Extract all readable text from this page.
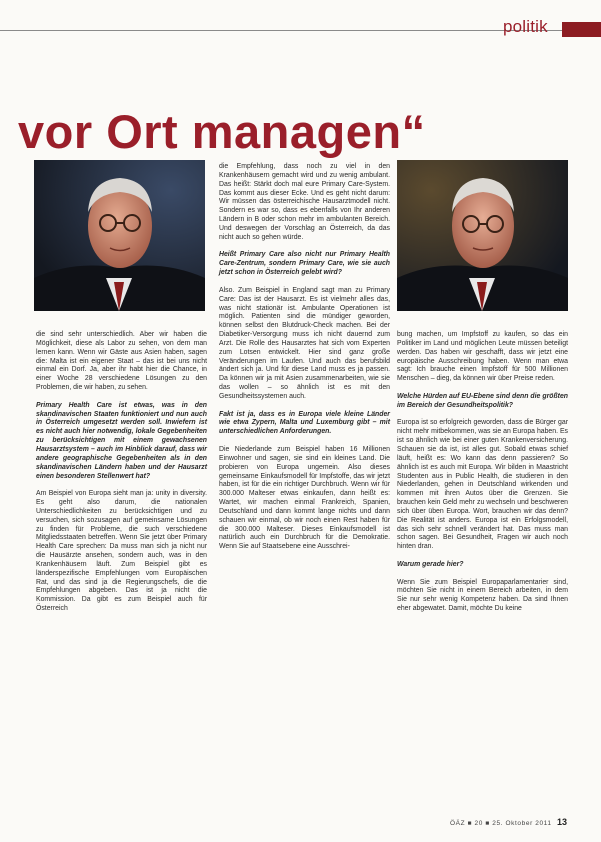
politik
vor Ort managen“

die sind sehr unterschiedlich. Aber wir haben die Möglichkeit, diese als Labor zu sehen, von dem man lernen kann. Wenn wir Gäste aus Asien haben, sagen die: Malta ist ein eigener Staat – das ist bei uns nicht einmal ein Dorf. Ja, aber ihr habt hier die Chance, in einer Woche 28 verschiedene Lösungen zu den Problemen, die wir haben, zu sehen.

Primary Health Care ist etwas, was in den skandinavischen Staaten funktioniert und nun auch in Österreich umgesetzt werden soll. Inwiefern ist es nicht auch hier notwendig, lokale Gegebenheiten zu berücksichtigen mit einem gewachsenen Hausarztsystem – auch im Hinblick darauf, dass wir andere geographische Gegebenheiten als in den skandinavischen Ländern haben und der Hausarzt einen besonderen Stellenwert hat?

Am Beispiel von Europa sieht man ja: unity in diversity. Es geht also darum, die nationalen Unterschiedlichkeiten zu berücksichtigen und zu versuchen, sich sozusagen auf gemeinsame Lösungen zu finden für Probleme, die such verschiedene Mitgliedsstaaten betreffen. Wenn Sie jetzt über Primary Health Care sprechen: Da muss man sich ja nicht nur die Hausärzte ansehen, sondern auch, was in den Krankenhäusern läuft. Zum Beispiel gibt es länderspezifische Empfehlungen vom Europäischen Rat, und das sind ja die Regierungschefs, die die Empfehlungen abgeben. Das ist ja nicht die Kommission. Da gibt es zum Beispiel auch für Österreich

die Empfehlung, dass noch zu viel in den Krankenhäusern gemacht wird und zu wenig ambulant. Das heißt: Stärkt doch mal eure Primary Care-System. Das kommt aus dieser Ecke. Und es geht nicht darum: Wir müssen das österreichische Hausarztmodell nicht. Sondern es war so, dass es ebenfalls von Ihr anderen Ländern in B oder schon mehr im ambulanten Bereich. Und deswegen der Vorschlag an Österreich, da das nicht auch so gehen würde.

Heißt Primary Care also nicht nur Primary Health Care-Zentrum, sondern Primary Care, wie sie auch jetzt schon in Österreich gelebt wird?

Also. Zum Beispiel in England sagt man zu Primary Care: Das ist der Hausarzt. Es ist vielmehr alles das, was nicht stationär ist. Ambulante Operationen ist möglich. Patienten sind die mündiger geworden, können selbst den Blutdruck-Check machen. Bei der Diabetiker-Versorgung muss ich nicht dauernd zum Arzt. Die Rolle des Hausarztes hat sich vom Experten zum Lotsen entwickelt. Hier sind ganz große Veränderungen im Laufen. Und auch das berufsbild ändert sich ja. Und für diese Land muss es ja passen. Da können wir ja mit Asien zusammenarbeiten, wie sie das wollen – so ähnlich ist es mit den Gesundheitssystemen auch.

Fakt ist ja, dass es in Europa viele kleine Länder wie etwa Zypern, Malta und Luxemburg gibt – mit unterschiedlichen Anforderungen.

Die Niederlande zum Beispiel haben 16 Millionen Einwohner und sagen, sie sind ein kleines Land. Die probieren von Europa ungemein. Also dieses gemeinsame Einkaufsmodell für Impfstoffe, das wir jetzt haben, ist für die ein richtiger Durchbruch. Wenn wir für 300.000 Malteser etwas einkaufen, dann heißt es: Wartet, wir machen einmal Frankreich, Spanien, Deutschland und dann kommt lange nichts und dann schauen wir einmal, ob wir noch einen Rest haben für die 300.000 Malteser. Dieses Einkaufsmodell ist natürlich auch ein Durchbruch für die Demokratie. Wenn Sie auf Staatsebene eine Ausschrei-

bung machen, um Impfstoff zu kaufen, so das ein Politiker im Land und möglichen Leute müssen beteiligt werden. Das haben wir geschafft, dass wir jetzt eine europäische Ausschreibung haben. Wenn man etwa sagt: Ich brauche einen Impfstoff für 500 Millionen Menschen – dieg, da können wir über Preise reden.

Welche Hürden auf EU-Ebene sind denn die größten im Bereich der Gesundheitspolitik?

Europa ist so erfolgreich geworden, dass die Bürger gar nicht mehr mitbekommen, was sie an Europa haben. Es ist so ähnlich wie bei einer guten Krankenversicherung. Schauen sie da ist, ist alles gut. Sobald etwas schief läuft, heißt es: Wo kann das denn passieren? So ähnlich ist es auch mit Europa. Wir bilden in Maastricht Studenten aus in Public Health, die studieren in den Niederlanden, gehen in Deutschland wirkenden und kommen mit ihren Autos über die Grenzen. Sie brauchen kein Geld mehr zu wechseln und beschweren sich über üben Europa. Wort, brauchen wir das denn? Die Realität ist anders. Europa ist ein Erfolgsmodell, das sich sehr schnell verändert hat. Das muss man schon sagen. Bei Gesundheit, Fragen wir auch noch hinten dran.

Warum gerade hier?

Wenn Sie zum Beispiel Europaparlamentarier sind, möchten Sie nicht in einem Bereich arbeiten, in dem Sie nur sehr wenig Kompetenz haben. Da sind Ihnen eher abgewatet. Damit, möchte Du keine

ÖÄZ ■ 20 ■ 25. Oktober 2011 13
